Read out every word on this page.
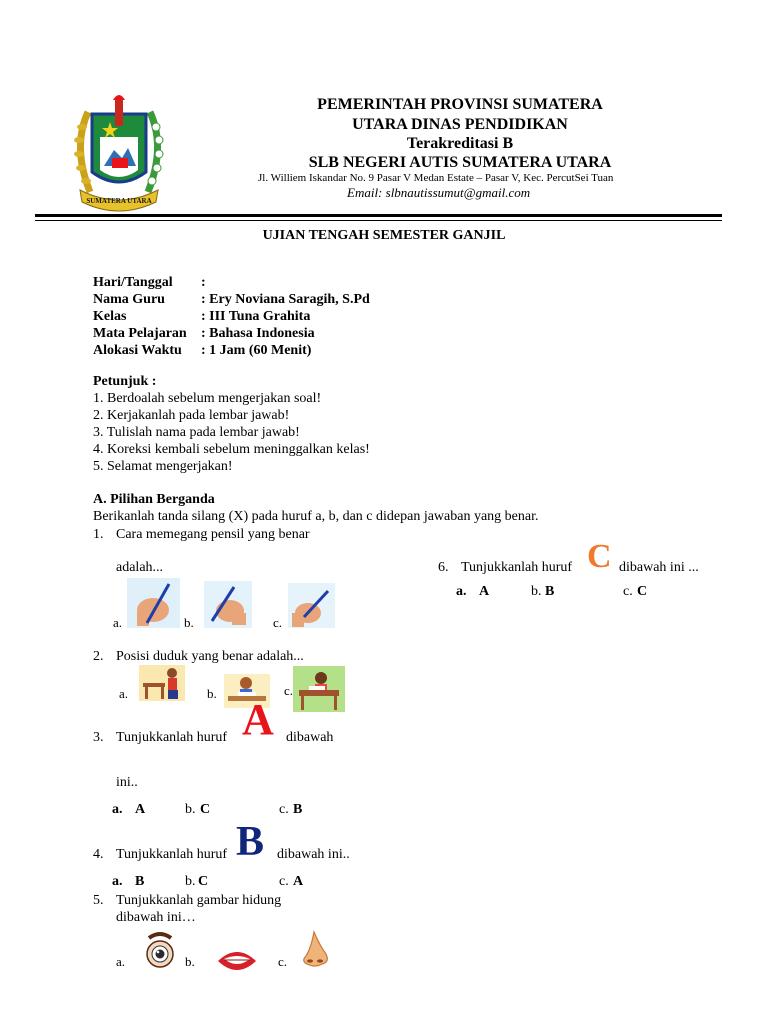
SUMATERA UTARA
PEMERINTAH PROVINSI SUMATERA
UTARA DINAS PENDIDIKAN
Terakreditasi B
SLB NEGERI AUTIS SUMATERA UTARA
Jl. Williem Iskandar No. 9 Pasar V Medan Estate – Pasar V, Kec. PercutSei Tuan
Email: slbnautissumut@gmail.com
UJIAN TENGAH SEMESTER GANJIL
Hari/Tanggal	:
Nama Guru	: Ery Noviana Saragih, S.Pd
Kelas	: III Tuna Grahita
Mata Pelajaran	: Bahasa Indonesia
Alokasi Waktu	: 1 Jam (60 Menit)
Petunjuk :
1. Berdoalah sebelum mengerjakan soal!
2. Kerjakanlah pada lembar jawab!
3. Tulislah nama pada lembar jawab!
4. Koreksi kembali sebelum meninggalkan kelas!
5. Selamat mengerjakan!
A. Pilihan Berganda
Berikanlah tanda silang (X) pada huruf a, b, dan c didepan jawaban yang benar.
1. Cara memegang pensil yang benar
adalah...
a.	b.	c.
6. Tunjukkanlah huruf C dibawah ini ...
a. A	b. B	c. C
2. Posisi duduk yang benar adalah...
a.	b.	c.
3. Tunjukkanlah huruf A dibawah
ini..
a. A	b. C	c. B
4. Tunjukkanlah huruf B dibawah ini..
a. B	b. C	c. A
5. Tunjukkanlah gambar hidung
dibawah ini…
a.	b.	c.
